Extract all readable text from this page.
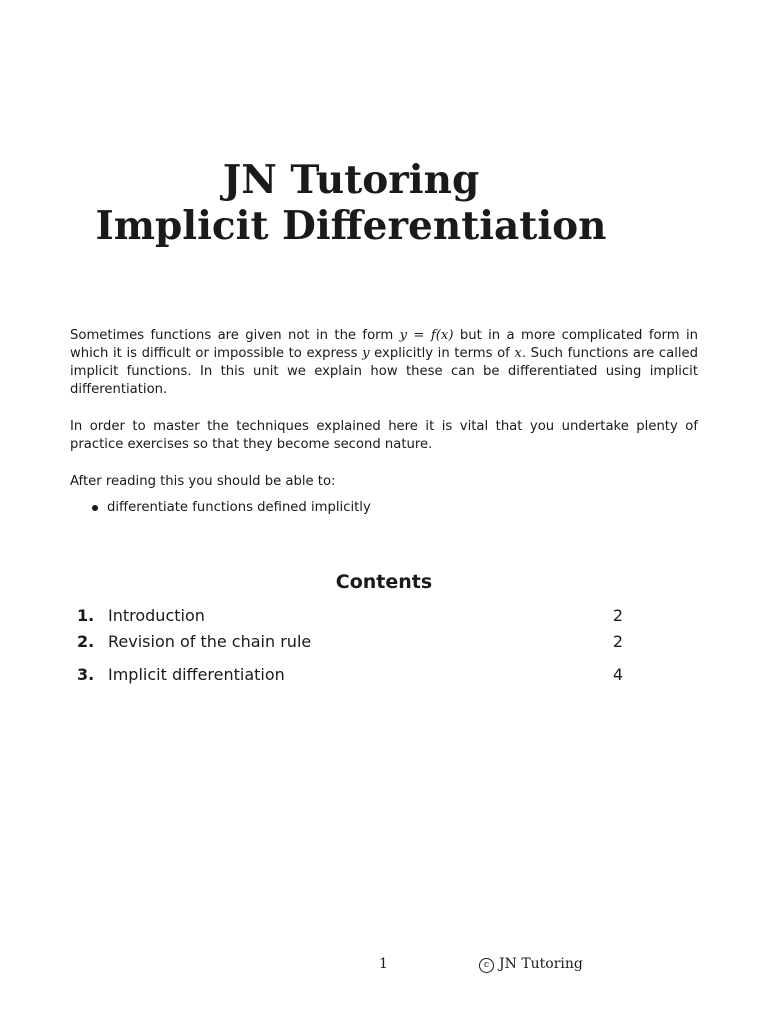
JN Tutoring
Implicit Differentiation

Sometimes functions are given not in the form y = f(x) but in a more complicated form in which it is difficult or impossible to express y explicitly in terms of x. Such functions are called implicit functions. In this unit we explain how these can be differentiated using implicit differentiation.

In order to master the techniques explained here it is vital that you undertake plenty of practice exercises so that they become second nature.

After reading this you should be able to:

differentiate functions defined implicitly
Contents
1. Introduction	2
2. Revision of the chain rule	2
3. Implicit differentiation	4
1	c JN Tutoring
